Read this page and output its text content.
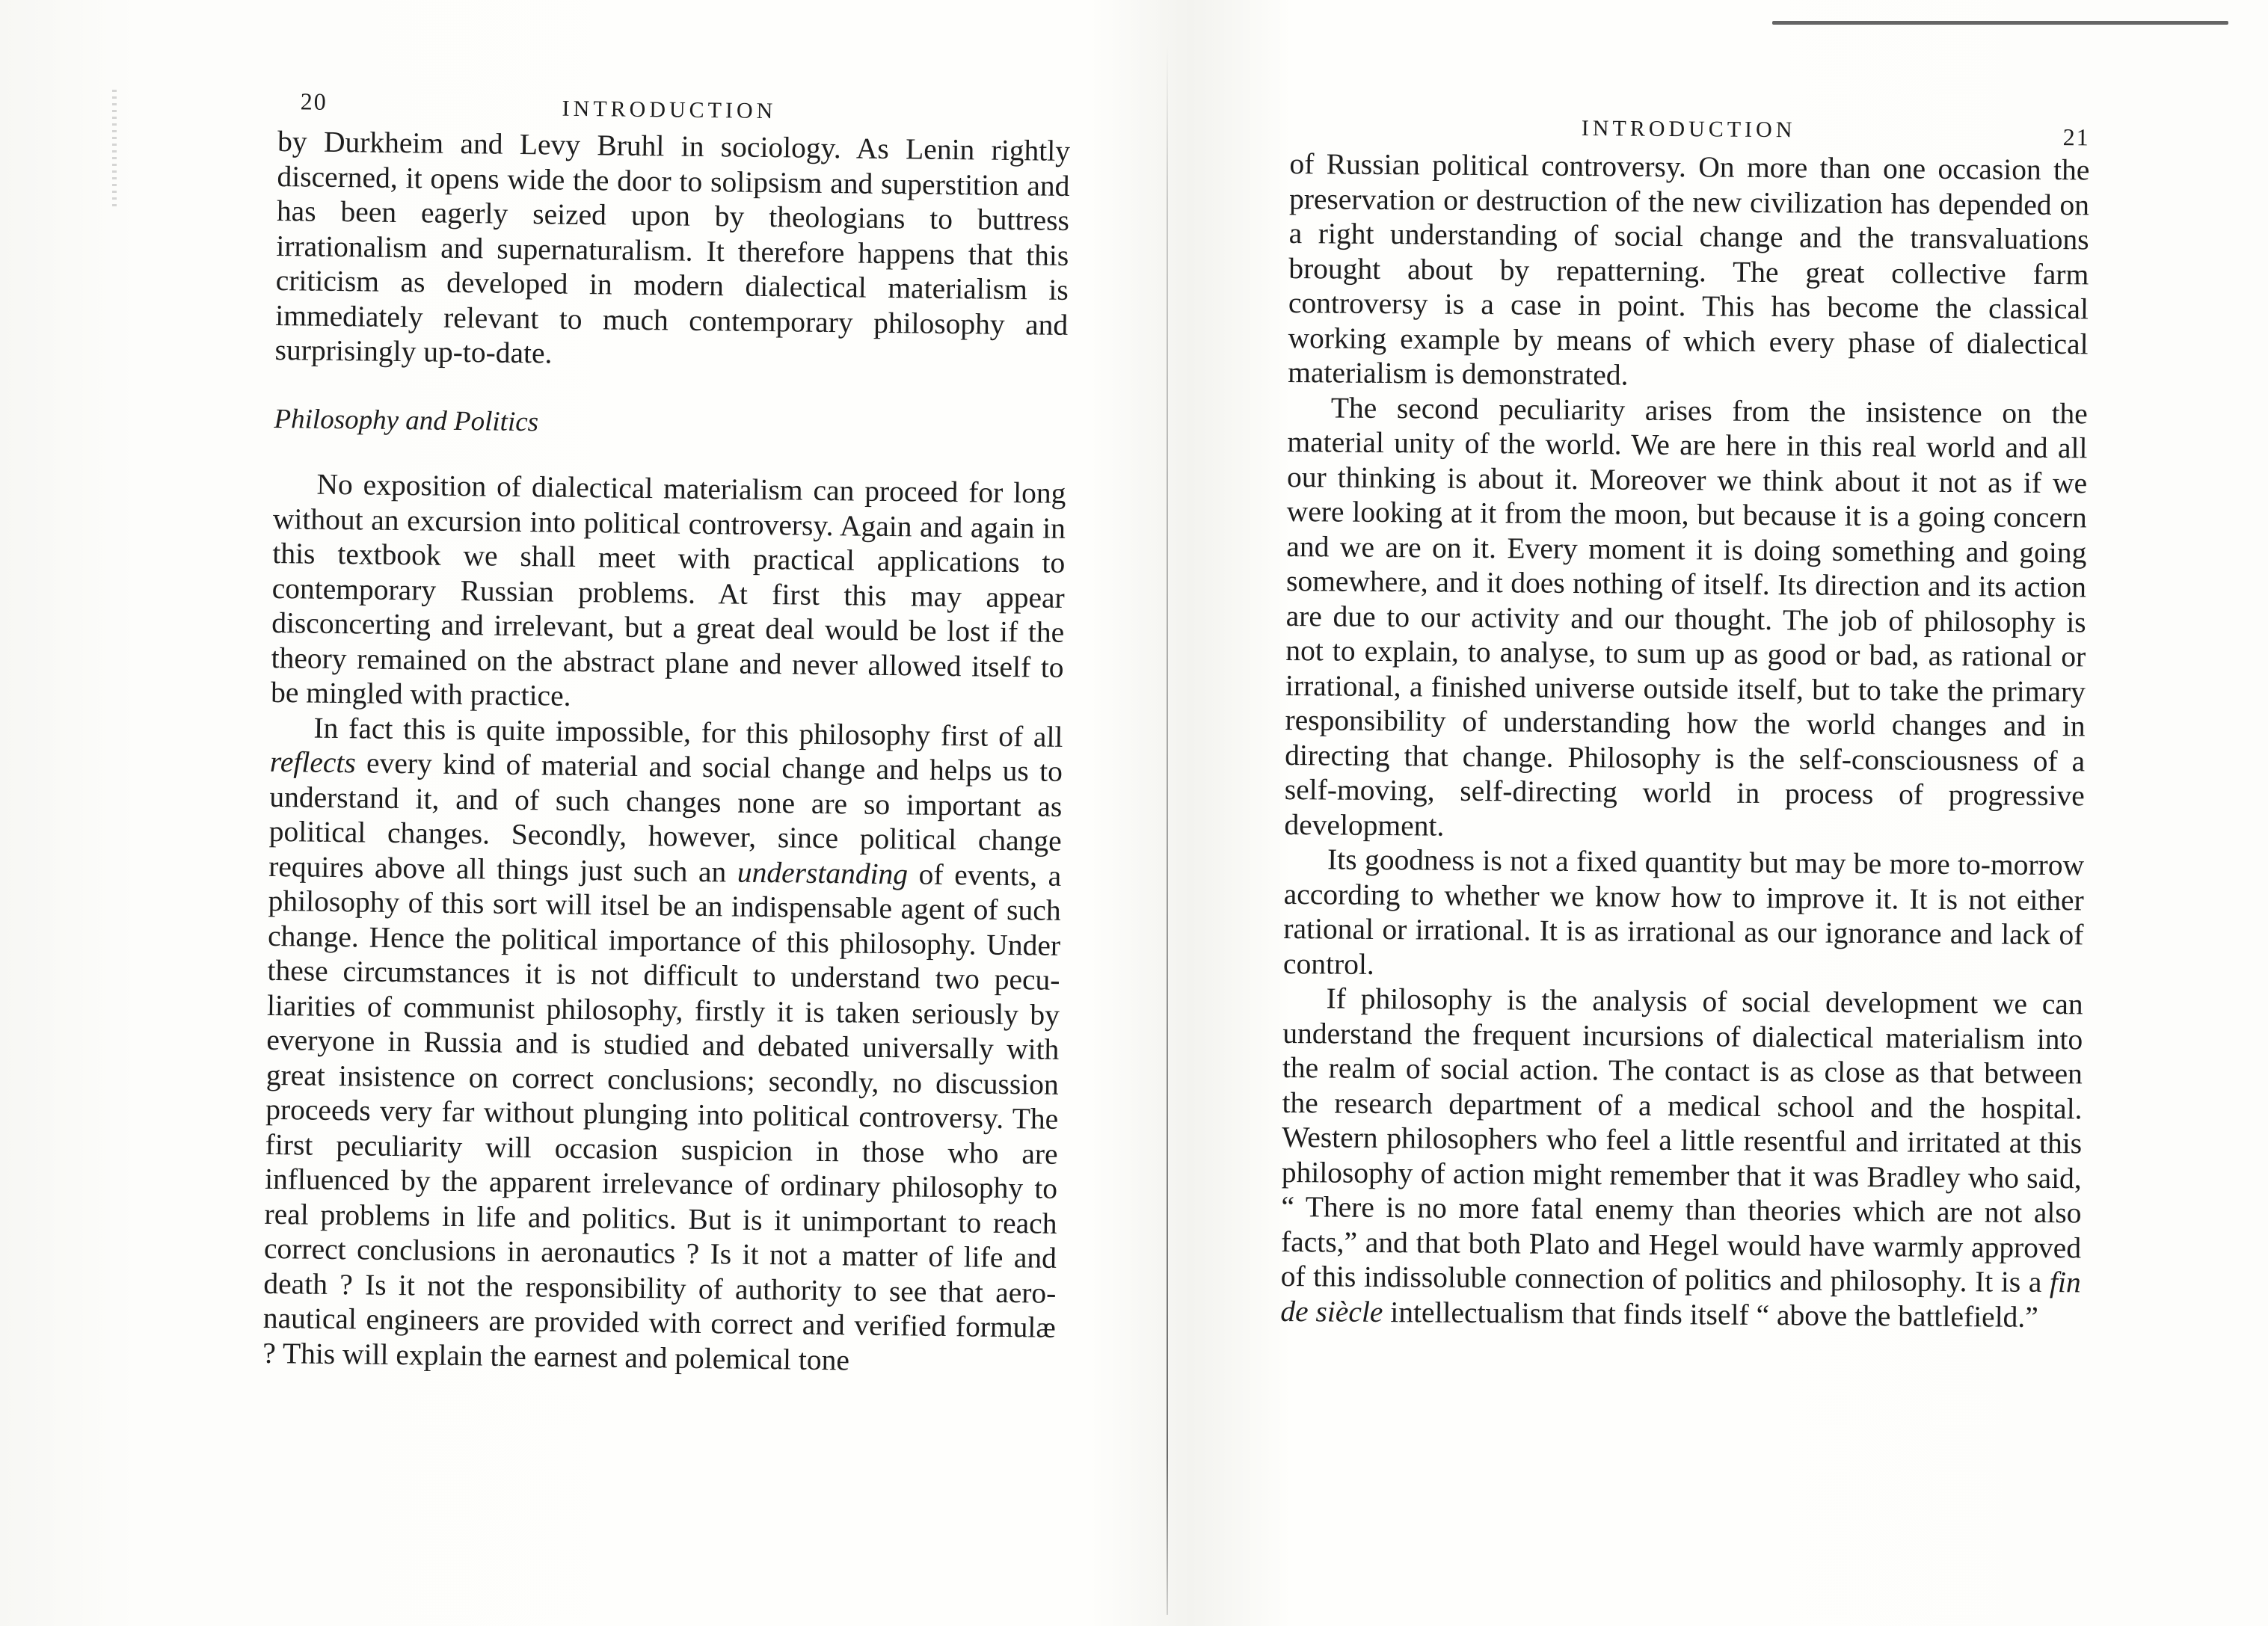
20	INTRODUCTION

by Durkheim and Levy Bruhl in sociology. As Lenin rightly discerned, it opens wide the door to solipsism and superstition and has been eagerly seized upon by theologians to buttress irrationalism and supernaturalism. It therefore happens that this criticism as developed in modern dialectical materialism is immediately relevant to much contemporary philosophy and surprisingly up-to-date.

Philosophy and Politics

No exposition of dialectical materialism can proceed for long without an excursion into political controversy. Again and again in this textbook we shall meet with practical applications to contemporary Russian problems. At first this may appear disconcerting and irrelevant, but a great deal would be lost if the theory remained on the abstract plane and never allowed itself to be mingled with practice.

In fact this is quite impossible, for this philosophy first of all reflects every kind of material and social change and helps us to understand it, and of such changes none are so important as political changes. Secondly, however, since political change requires above all things just such an understanding of events, a philosophy of this sort will itsel be an indispensable agent of such change. Hence the political importance of this philosophy. Under these circumstances it is not difficult to understand two peculiarities of communist philosophy, firstly it is taken seriously by everyone in Russia and is studied and debated universally with great insistence on correct conclusions; secondly, no discussion proceeds very far without plunging into political controversy. The first peculiarity will occasion suspicion in those who are influenced by the apparent irrelevance of ordinary philosophy to real problems in life and politics. But is it unimportant to reach correct conclusions in aeronautics ? Is it not a matter of life and death ? Is it not the responsibility of authority to see that aeronautical engineers are provided with correct and verified formulæ ? This will explain the earnest and polemical tone

INTRODUCTION	21

of Russian political controversy. On more than one occasion the preservation or destruction of the new civilization has depended on a right understanding of social change and the transvaluations brought about by repatterning. The great collective farm controversy is a case in point. This has become the classical working example by means of which every phase of dialectical materialism is demonstrated.

The second peculiarity arises from the insistence on the material unity of the world. We are here in this real world and all our thinking is about it. Moreover we think about it not as if we were looking at it from the moon, but because it is a going concern and we are on it. Every moment it is doing something and going somewhere, and it does nothing of itself. Its direction and its action are due to our activity and our thought. The job of philosophy is not to explain, to analyse, to sum up as good or bad, as rational or irrational, a finished universe outside itself, but to take the primary responsibility of understanding how the world changes and in directing that change. Philosophy is the self-consciousness of a self-moving, self-directing world in process of progressive development.

Its goodness is not a fixed quantity but may be more to-morrow according to whether we know how to improve it. It is not either rational or irrational. It is as irrational as our ignorance and lack of control.

If philosophy is the analysis of social development we can understand the frequent incursions of dialectical materialism into the realm of social action. The contact is as close as that between the research department of a medical school and the hospital. Western philosophers who feel a little resentful and irritated at this philosophy of action might remember that it was Bradley who said, “ There is no more fatal enemy than theories which are not also facts,” and that both Plato and Hegel would have warmly approved of this indissoluble connection of politics and philosophy. It is a fin de siècle intellectualism that finds itself “ above the battlefield.”
